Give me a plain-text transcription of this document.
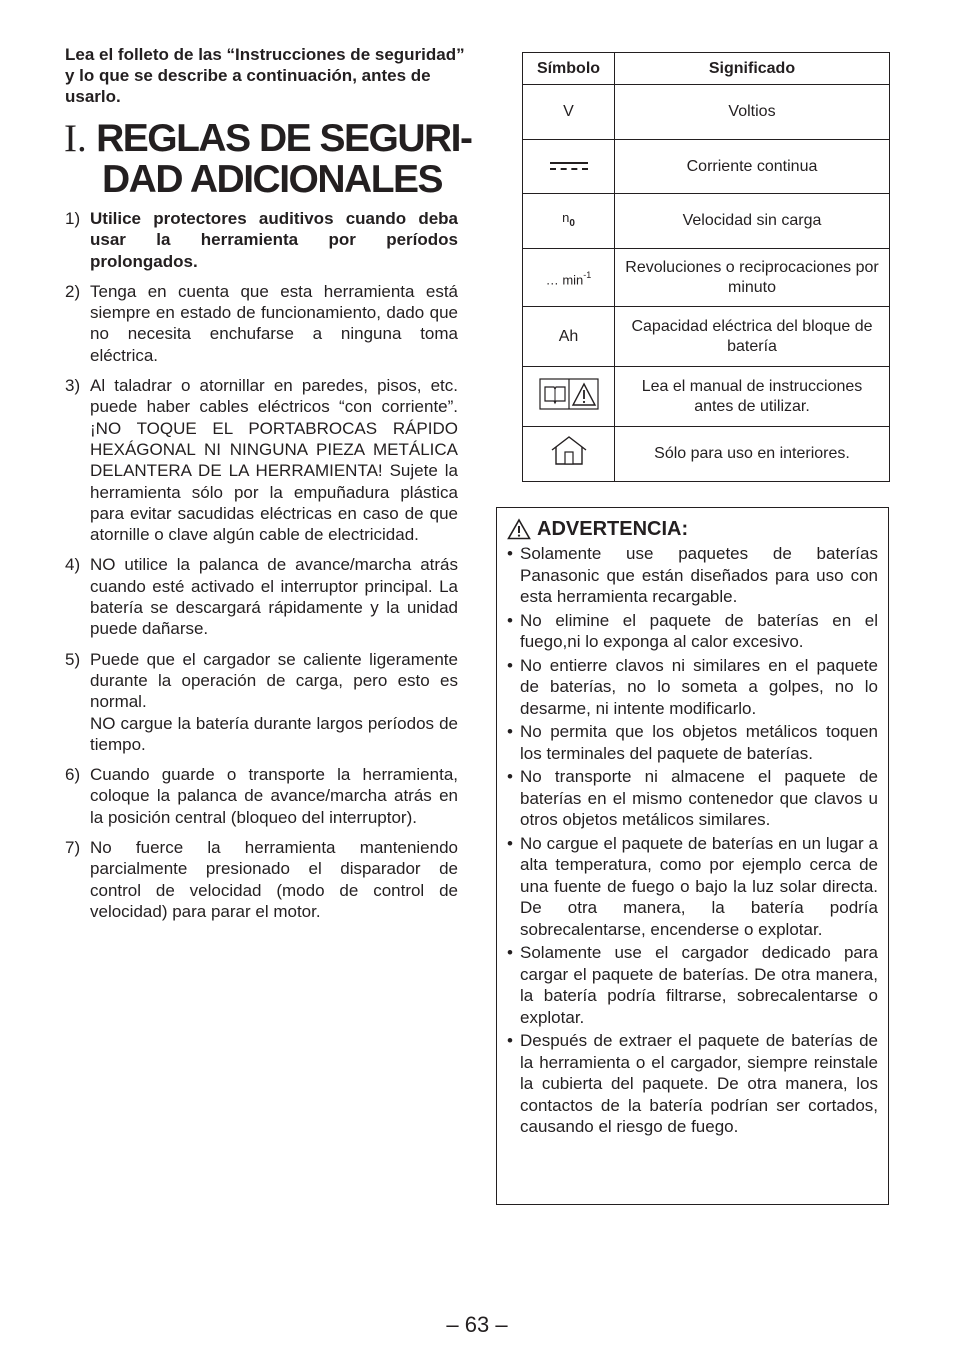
Lea el folleto de las “Instrucciones de seguridad” y lo que se describe a continuación, antes de usarlo.

I. REGLAS DE SEGURI-
DAD ADICIONALES
1) Utilice protectores auditivos cuando deba usar la herramienta por períodos prolongados.
2) Tenga en cuenta que esta herramienta está siempre en estado de funcionamiento, dado que no necesita enchufarse a ninguna toma eléctrica.
3) Al taladrar o atornillar en paredes, pisos, etc. puede haber cables eléctricos “con corriente”. ¡NO TOQUE EL PORTABROCAS RÁPIDO HEXÁGONAL NI NINGUNA PIEZA METÁLICA DELANTERA DE LA HERRAMIENTA! Sujete la herramienta sólo por la empuñadura plástica para evitar sacudidas eléctricas en caso de que atornille o clave algún cable de electricidad.
4) NO utilice la palanca de avance/marcha atrás cuando esté activado el interruptor principal. La batería se descargará rápidamente y la unidad puede dañarse.
5) Puede que el cargador se caliente ligeramente durante la operación de carga, pero esto es normal.
NO cargue la batería durante largos períodos de tiempo.
6) Cuando guarde o transporte la herramienta, coloque la palanca de avance/marcha atrás en la posición central (bloqueo del interruptor).
7) No fuerce la herramienta manteniendo parcialmente presionado el disparador de control de velocidad (modo de control de velocidad) para parar el motor.
Símbolo	Significado
V	Voltios

	Corriente continua
$n_0$	Velocidad sin carga
… $\min^{-1}$	Revoluciones o reciprocaciones por minuto
Ah	Capacidad eléctrica del bloque de batería
	Lea el manual de instrucciones antes de utilizar.
	Sólo para uso en interiores.
ADVERTENCIA:
• Solamente use paquetes de baterías Panasonic que están diseñados para uso con esta herramienta recargable.
• No elimine el paquete de baterías en el fuego,ni lo exponga al calor excesivo.
• No entierre clavos ni similares en el paquete de baterías, no lo someta a golpes, no lo desarme, ni intente modificarlo.
• No permita que los objetos metálicos toquen los terminales del paquete de baterías.
• No transporte ni almacene el paquete de baterías en el mismo contenedor que clavos u otros objetos metálicos similares.
• No cargue el paquete de baterías en un lugar a alta temperatura, como por ejemplo cerca de una fuente de fuego o bajo la luz solar directa. De otra manera, la batería podría sobrecalentarse, encenderse o explotar.
• Solamente use el cargador dedicado para cargar el paquete de baterías. De otra manera, la batería podría filtrarse, sobrecalentarse o explotar.
• Después de extraer el paquete de baterías de la herramienta o el cargador, siempre reinstale la cubierta del paquete. De otra manera, los contactos de la batería podrían ser cortados, causando el riesgo de fuego.
– 63 –
